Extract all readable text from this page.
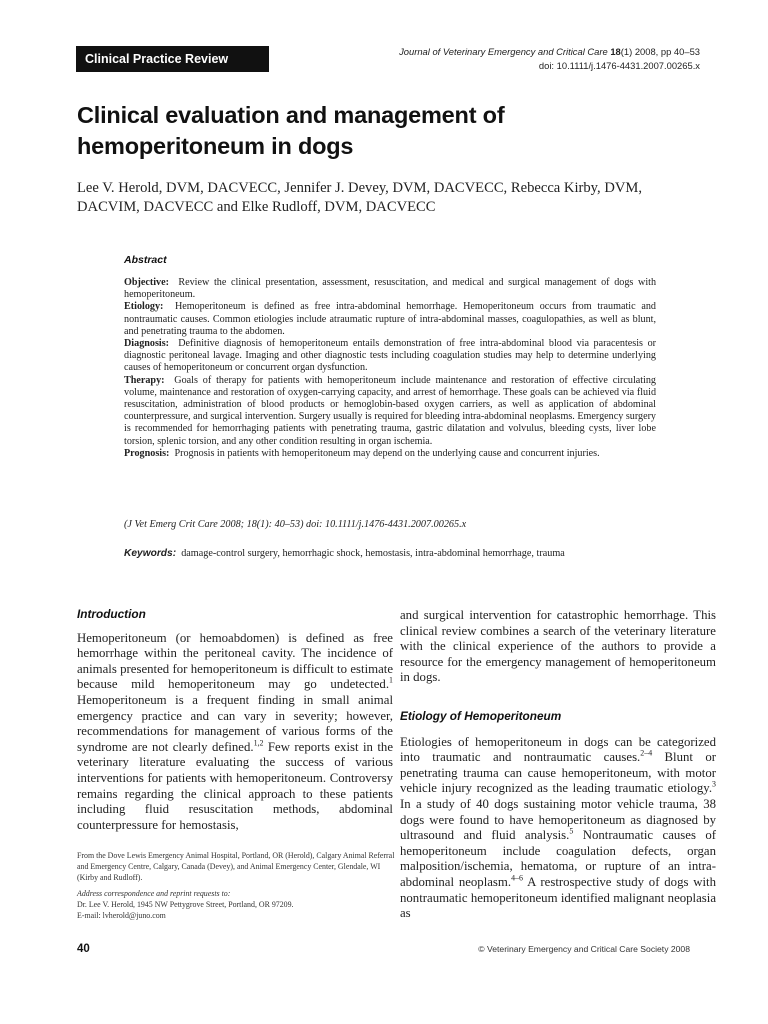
Clinical Practice Review
Journal of Veterinary Emergency and Critical Care 18(1) 2008, pp 40–53
doi: 10.1111/j.1476-4431.2007.00265.x
Clinical evaluation and management of
hemoperitoneum in dogs

Lee V. Herold, DVM, DACVECC, Jennifer J. Devey, DVM, DACVECC, Rebecca Kirby, DVM,
DACVIM, DACVECC and Elke Rudloff, DVM, DACVECC

Abstract

Objective: Review the clinical presentation, assessment, resuscitation, and medical and surgical management of dogs with hemoperitoneum.

Etiology: Hemoperitoneum is defined as free intra-abdominal hemorrhage. Hemoperitoneum occurs from traumatic and nontraumatic causes. Common etiologies include atraumatic rupture of intra-abdominal masses, coagulopathies, as well as blunt, and penetrating trauma to the abdomen.

Diagnosis: Definitive diagnosis of hemoperitoneum entails demonstration of free intra-abdominal blood via paracentesis or diagnostic peritoneal lavage. Imaging and other diagnostic tests including coagulation studies may help to determine underlying causes of hemoperitoneum or concurrent organ dysfunction.

Therapy: Goals of therapy for patients with hemoperitoneum include maintenance and restoration of effective circulating volume, maintenance and restoration of oxygen-carrying capacity, and arrest of hemorrhage. These goals can be achieved via fluid resuscitation, administration of blood products or hemoglobin-based oxygen carriers, as well as application of abdominal counterpressure, and surgical intervention. Surgery usually is required for bleeding intra-abdominal neoplasms. Emergency surgery is recommended for hemorrhaging patients with penetrating trauma, gastric dilatation and volvulus, bleeding cysts, liver lobe torsion, splenic torsion, and any other condition resulting in organ ischemia.

Prognosis: Prognosis in patients with hemoperitoneum may depend on the underlying cause and concurrent injuries.

(J Vet Emerg Crit Care 2008; 18(1): 40–53) doi: 10.1111/j.1476-4431.2007.00265.x
Keywords: damage-control surgery, hemorrhagic shock, hemostasis, intra-abdominal hemorrhage, trauma
Introduction

Hemoperitoneum (or hemoabdomen) is defined as free hemorrhage within the peritoneal cavity. The incidence of animals presented for hemoperitoneum is difficult to estimate because mild hemoperitoneum may go undetected.$^1$ Hemoperitoneum is a frequent finding in small animal emergency practice and can vary in severity; however, recommendations for management of various forms of the syndrome are not clearly defined.$^{1,2}$ Few reports exist in the veterinary literature evaluating the success of various interventions for patients with hemoperitoneum. Controversy remains regarding the clinical approach to these patients including fluid resuscitation methods, abdominal counterpressure for hemostasis,

and surgical intervention for catastrophic hemorrhage. This clinical review combines a search of the veterinary literature with the clinical experience of the authors to provide a resource for the emergency management of hemoperitoneum in dogs.

Etiology of Hemoperitoneum

Etiologies of hemoperitoneum in dogs can be categorized into traumatic and nontraumatic causes.$^{2-4}$ Blunt or penetrating trauma can cause hemoperitoneum, with motor vehicle injury recognized as the leading traumatic etiology.$^3$ In a study of 40 dogs sustaining motor vehicle trauma, 38 dogs were found to have hemoperitoneum as diagnosed by ultrasound and fluid analysis.$^5$ Nontraumatic causes of hemoperitoneum include coagulation defects, organ malposition/ischemia, hematoma, or rupture of an intra-abdominal neoplasm.$^{4-6}$ A restrospective study of dogs with nontraumatic hemoperitoneum identified malignant neoplasia as

From the Dove Lewis Emergency Animal Hospital, Portland, OR (Herold), Calgary Animal Referral and Emergency Centre, Calgary, Canada (Devey), and Animal Emergency Center, Glendale, WI (Kirby and Rudloff).

Address correspondence and reprint requests to:

Dr. Lee V. Herold, 1945 NW Pettygrove Street, Portland, OR 97209.

E-mail: lvherold@juno.com

40	© Veterinary Emergency and Critical Care Society 2008
